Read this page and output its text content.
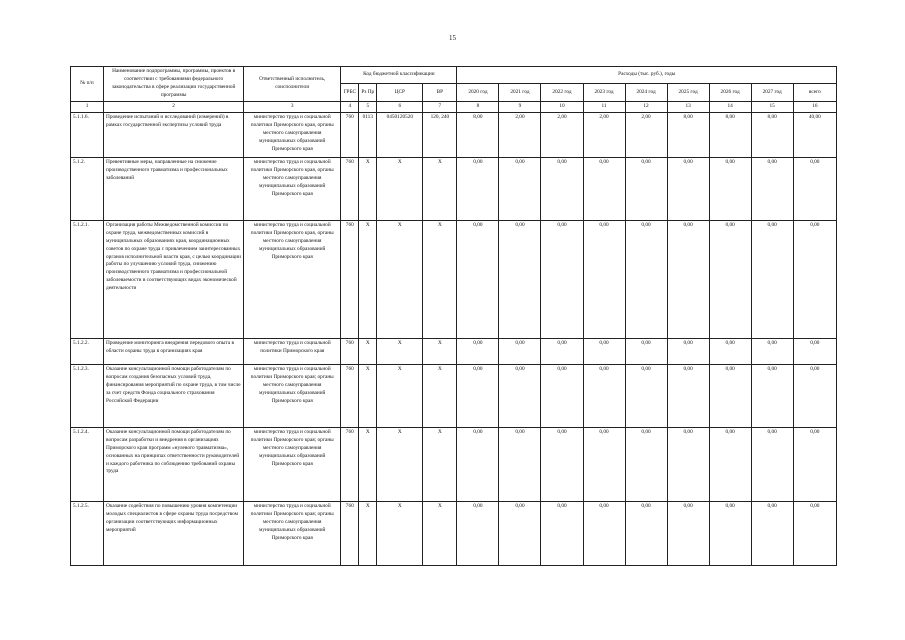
15
№ п/п	Наименование подпрограммы, программы, проектов в соответствии с требованиями федерального законодательства в сфере реализации государственной программы	Ответственный исполнитель, соисполнители	Код бюджетной классификации				Расходы (тыс. руб.), годы								
			ГРБС	Рз Пр	ЦСР	ВР	2020 год	2021 год	2022 год	2023 год	2024 год	2025 год	2026 год	2027 год	всего
1	2	3	4	5	6	7	8	9	10	11	12	13	14	15	16
5.1.1.6.	Проведение испытаний и исследований (измерений) в рамках государственной экспертизы условий труда	министерство труда и социальной политики Приморского края, органы местного самоуправления муниципальных образований Приморского края	760	0113	0450120520	120, 240	8,00	2,00	2,00	2,00	2,00	8,00	8,00	8,00	40,00
5.1.2.	Превентивные меры, направленные на снижение производственного травматизма и профессиональных заболеваний	министерство труда и социальной политики Приморского края, органы местного самоуправления муниципальных образований Приморского края	760	X	X	X	0,00	0,00	0,00	0,00	0,00	0,00	0,00	0,00	0,00
5.1.2.1.	Организация работы Межведомственной комиссии по охране труда, межведомственных комиссий в муниципальных образованиях края, координационных советов по охране труда с привлечением заинтересованных органов исполнительной власти края, с целью координации работы по улучшению условий труда, снижению производственного травматизма и профессиональной заболеваемости в соответствующих видах экономической деятельности	министерство труда и социальной политики Приморского края, органы местного самоуправления муниципальных образований Приморского края	760	X	X	X	0,00	0,00	0,00	0,00	0,00	0,00	0,00	0,00	0,00
5.1.2.2.	Проведение мониторинга внедрения передового опыта в области охраны труда в организациях края	министерство труда и социальной политики Приморского края	760	X	X	X	0,00	0,00	0,00	0,00	0,00	0,00	0,00	0,00	0,00
5.1.2.3.	Оказание консультационной помощи работодателям по вопросам создания безопасных условий труда, финансирования мероприятий по охране труда, в том числе за счет средств Фонда социального страхования Российской Федерации	министерство труда и социальной политики Приморского края; органы местного самоуправления муниципальных образований Приморского края	760	X	X	X	0,00	0,00	0,00	0,00	0,00	0,00	0,00	0,00	0,00
5.1.2.4.	Оказание консультационной помощи работодателям по вопросам разработки и внедрения в организациях Приморского края программ «нулевого травматизма», основанных на принципах ответственности руководителей и каждого работника по соблюдению требований охраны труда	министерство труда и социальной политики Приморского края; органы местного самоуправления муниципальных образований Приморского края	760	X	X	X	0,00	0,00	0,00	0,00	0,00	0,00	0,00	0,00	0,00
5.1.2.5.	Оказание содействия по повышению уровня компетенции молодых специалистов в сфере охраны труда посредством организации соответствующих информационных мероприятий	министерство труда и социальной политики Приморского края; органы местного самоуправления муниципальных образований Приморского края	760	X	X	X	0,00	0,00	0,00	0,00	0,00	0,00	0,00	0,00	0,00
